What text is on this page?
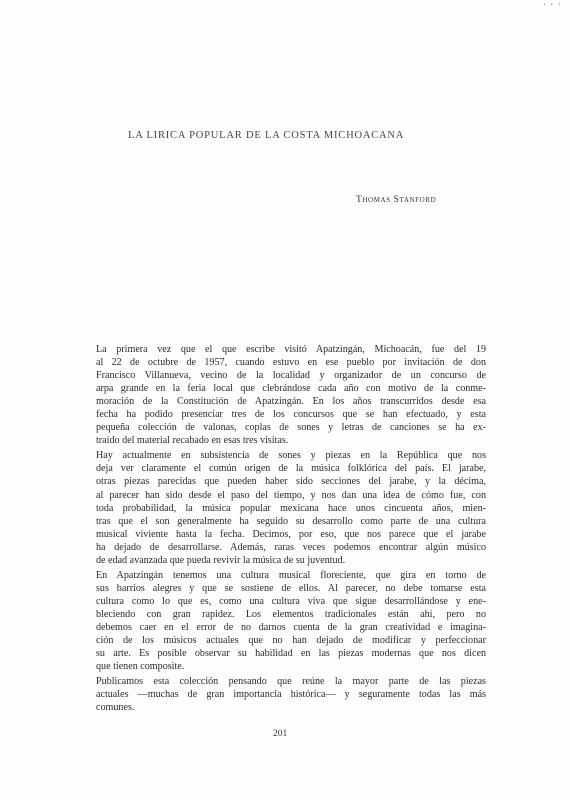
' ' '
LA LIRICA POPULAR DE LA COSTA MICHOACANA
Thomas Stanford
La primera vez que el que escribe visitó Apatzingán, Michoacán, fue del 19
al 22 de octubre de 1957, cuando estuvo en ese pueblo por invitación de don
Francisco Villanueva, vecino de la localidad y organizador de un concurso de
arpa grande en la feria local que clebrándose cada año con motivo de la conme-
moración de la Constitución de Apatzingán. En los años transcurridos desde esa
fecha ha podido presenciar tres de los concursos que se han efectuado, y esta
pequeña colección de valonas, coplas de sones y letras de canciones se ha ex-
traído del material recabado en esas tres visitas.
Hay actualmente en subsistencia de sones y piezas en la República que nos
deja ver claramente el común origen de la música folklórica del país. El jarabe,
otras piezas parecidas que pueden haber sido secciones del jarabe, y la décima,
al parecer han sido desde el paso del tiempo, y nos dan una idea de cómo fue, con
toda probabilidad, la música popular mexicana hace unos cincuenta años, mien-
tras que el son generalmente ha seguido su desarrollo como parte de una cultura
musical viviente hasta la fecha. Decimos, por eso, que nos parece que el jarabe
ha dejado de desarrollarse. Además, raras veces podemos encontrar algún músico
de edad avanzada que pueda revivir la música de su juventud.
En Apatzingán tenemos una cultura musical floreciente, que gira en torno de
sus barrios alegres y que se sostiene de ellos. Al parecer, no debe tomarse esta
cultura como lo que es, como una cultura viva que sigue desarrollándose y ene-
bleciendo con gran rapidez. Los elementos tradicionales están ahí, pero no
debemos caer en el error de no darnos cuenta de la gran creatividad e imagina-
ción de los músicos actuales que no han dejado de modificar y perfeccionar
su arte. Es posible observar su habilidad en las piezas modernas que nos dicen
que tienen composite.
Publicamos esta colección pensando que reúne la mayor parte de las piezas
actuales —muchas de gran importancia histórica— y seguramente todas las más
comunes.
201
